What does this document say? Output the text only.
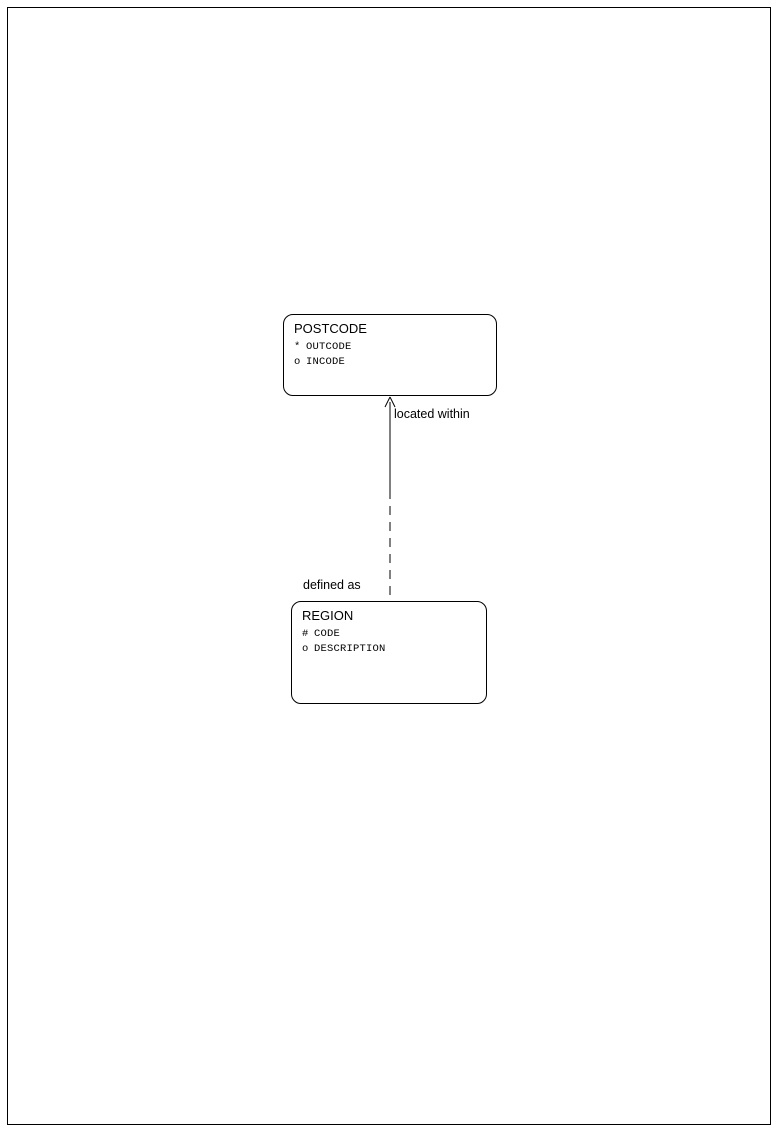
POSTCODE
* OUTCODE
o INCODE
located within
defined as
REGION
# CODE
o DESCRIPTION
